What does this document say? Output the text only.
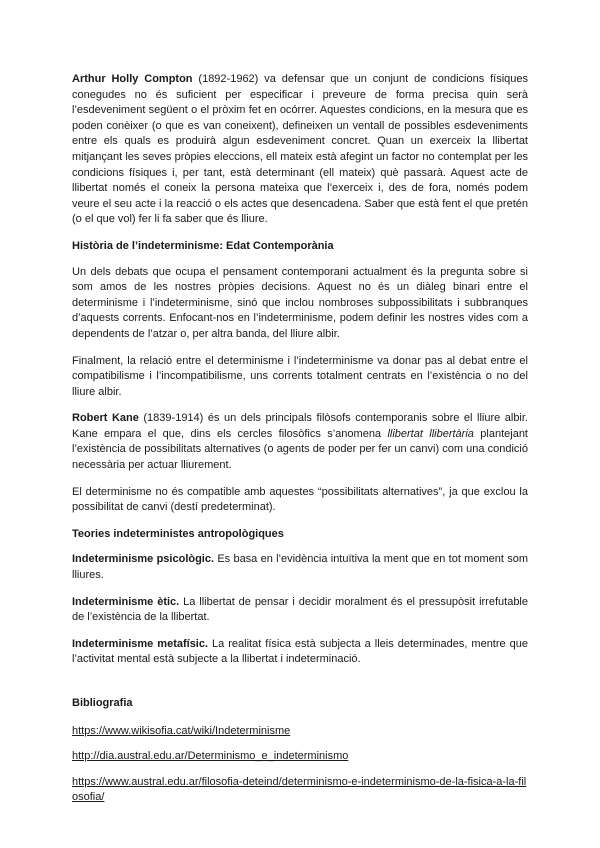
Arthur Holly Compton (1892-1962) va defensar que un conjunt de condicions físiques conegudes no és suficient per especificar i preveure de forma precisa quin serà l’esdeveniment següent o el pròxim fet en ocórrer. Aquestes condicions, en la mesura que es poden conèixer (o que es van coneixent), defineixen un ventall de possibles esdeveniments entre els quals es produirà algun esdeveniment concret. Quan un exerceix la llibertat mitjançant les seves pròpies eleccions, ell mateix està afegint un factor no contemplat per les condicions físiques i, per tant, està determinant (ell mateix) què passarà. Aquest acte de llibertat només el coneix la persona mateixa que l’exerceix i, des de fora, només podem veure el seu acte i la reacció o els actes que desencadena. Saber que està fent el que pretén (o el que vol) fer li fa saber que és lliure.

Història de l’indeterminisme: Edat Contemporània

Un dels debats que ocupa el pensament contemporani actualment és la pregunta sobre si som amos de les nostres pròpies decisions. Aquest no és un diàleg binari entre el determinisme i l’indeterminisme, sinó que inclou nombroses subpossibilitats i subbranques d’aquests corrents. Enfocant-nos en l’indeterminisme, podem definir les nostres vides com a dependents de l’atzar o, per altra banda, del lliure albir.

Finalment, la relació entre el determinisme i l’indeterminisme va donar pas al debat entre el compatibilisme i l’incompatibilisme, uns corrents totalment centrats en l’existència o no del lliure albir.

Robert Kane (1839-1914) és un dels principals filòsofs contemporanis sobre el lliure albir. Kane empara el que, dins els cercles filosòfics s’anomena llibertat llibertària plantejant l’existència de possibilitats alternatives (o agents de poder per fer un canvi) com una condició necessària per actuar lliurement.

El determinisme no és compatible amb aquestes “possibilitats alternatives”, ja que exclou la possibilitat de canvi (destí predeterminat).

Teories indeterministes antropològiques

Indeterminisme psicològic. Es basa en l’evidència intuïtiva la ment que en tot moment som lliures.

Indeterminisme ètic. La llibertat de pensar i decidir moralment és el pressupòsit irrefutable de l’existència de la llibertat.

Indeterminisme metafísic. La realitat física està subjecta a lleis determinades, mentre que l’activitat mental està subjecte a la llibertat i indeterminació.

Bibliografia
https://www.wikisofia.cat/wiki/Indeterminisme
http://dia.austral.edu.ar/Determinismo_e_indeterminismo
https://www.austral.edu.ar/filosofia-deteind/determinismo-e-indeterminismo-de-la-fisica-a-la-filosofia/
